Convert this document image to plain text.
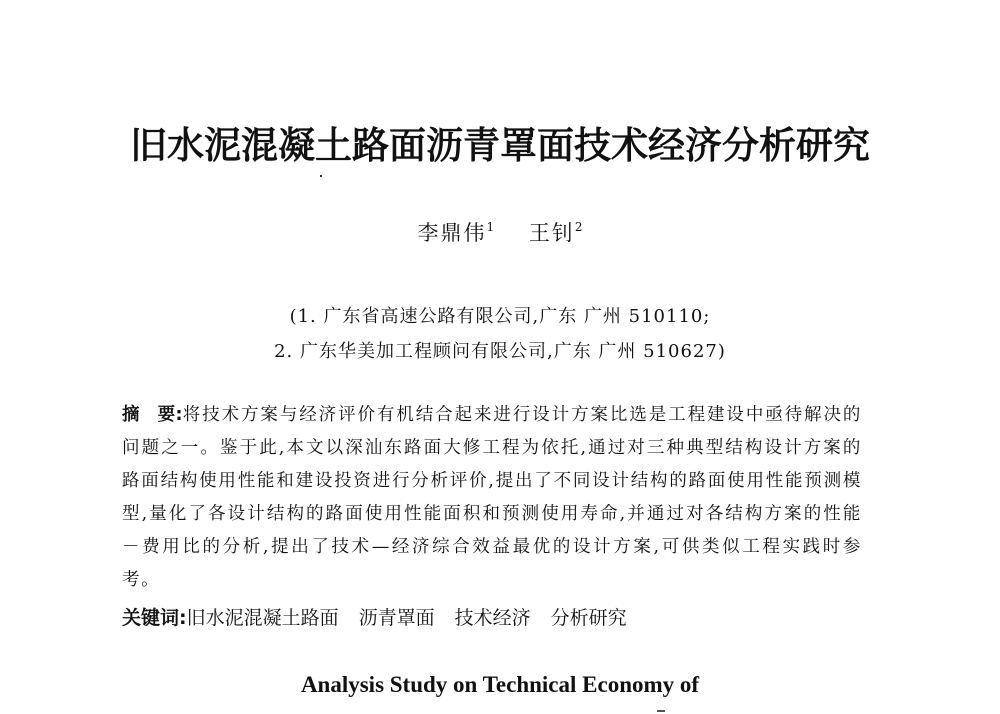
旧水泥混凝土路面沥青罩面技术经济分析研究
李鼎伟$^1$ 王钊$^2$
(1. 广东省高速公路有限公司,广东 广州 510110;
2. 广东华美加工程顾问有限公司,广东 广州 510627)
摘　要:将技术方案与经济评价有机结合起来进行设计方案比选是工程建设中亟待解决的问题之一。鉴于此,本文以深汕东路面大修工程为依托,通过对三种典型结构设计方案的路面结构使用性能和建设投资进行分析评价,提出了不同设计结构的路面使用性能预测模型,量化了各设计结构的路面使用性能面积和预测使用寿命,并通过对各结构方案的性能－费用比的分析,提出了技术—经济综合效益最优的设计方案,可供类似工程实践时参考。
关键词:旧水泥混凝土路面 沥青罩面 技术经济 分析研究
Analysis Study on Technical Economy of
